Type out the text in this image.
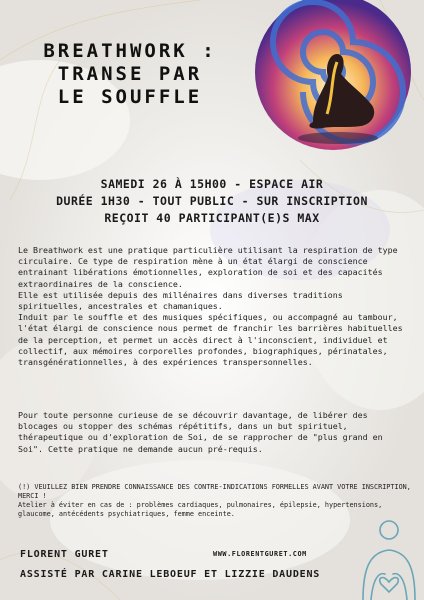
BREATHWORK :
TRANSE PAR
LE SOUFFLE
SAMEDI 26 À 15H00 - ESPACE AIR
DURÉE 1H30 - TOUT PUBLIC - SUR INSCRIPTION
REÇOIT 40 PARTICIPANT(E)S MAX
Le Breathwork est une pratique particulière utilisant la respiration de type circulaire. Ce type de respiration mène à un état élargi de conscience entrainant libérations émotionnelles, exploration de soi et des capacités extraordinaires de la conscience.
Elle est utilisée depuis des millénaires dans diverses traditions spirituelles, ancestrales et chamaniques.
Induit par le souffle et des musiques spécifiques, ou accompagné au tambour, l'état élargi de conscience nous permet de franchir les barrières habituelles de la perception, et permet un accès direct à l'inconscient, individuel et collectif, aux mémoires corporelles profondes, biographiques, périnatales, transgénérationnelles, à des expériences transpersonnelles.
Pour toute personne curieuse de se découvrir davantage, de libérer des blocages ou stopper des schémas répétitifs, dans un but spirituel, thérapeutique ou d'exploration de Soi, de se rapprocher de "plus grand en Soi". Cette pratique ne demande aucun pré-requis.
(!) VEUILLEZ BIEN PRENDRE CONNAISSANCE DES CONTRE-INDICATIONS FORMELLES AVANT VOTRE INSCRIPTION, MERCI !
Atelier à éviter en cas de : problèmes cardiaques, pulmonaires, épilepsie, hypertensions, glaucome, antécédents psychiatriques, femme enceinte.
FLORENT GURET
ASSISTÉ PAR CARINE LEBOEUF ET LIZZIE DAUDENS
WWW.FLORENTGURET.COM
